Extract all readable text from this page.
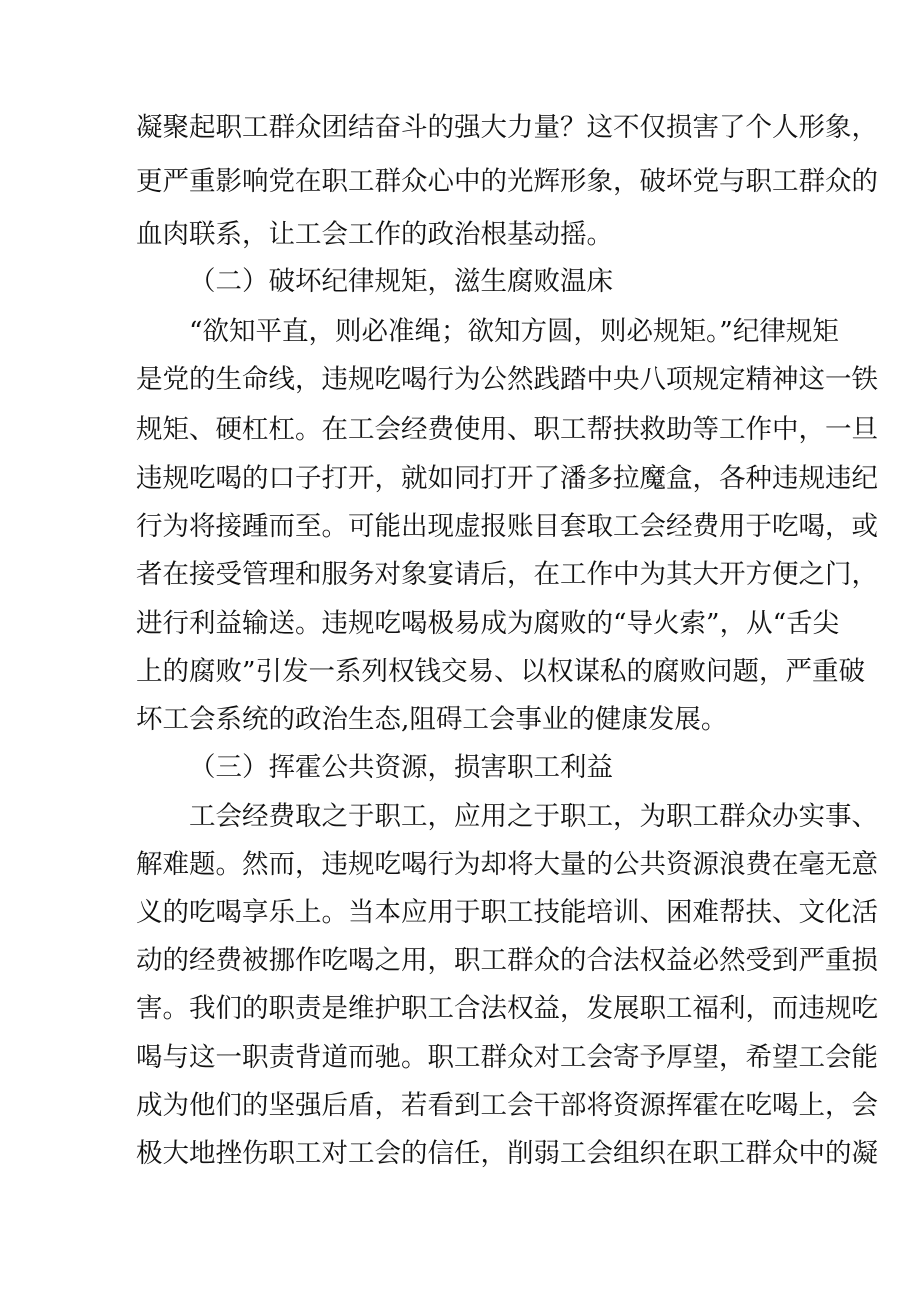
凝聚起职工群众团结奋斗的强大力量？这不仅损害了个人形象，
更严重影响党在职工群众心中的光辉形象，破坏党与职工群众的
血肉联系，让工会工作的政治根基动摇。
（二）破坏纪律规矩，滋生腐败温床
“欲知平直，则必准绳；欲知方圆，则必规矩。”纪律规矩
是党的生命线，违规吃喝行为公然践踏中央八项规定精神这一铁
规矩、硬杠杠。在工会经费使用、职工帮扶救助等工作中，一旦
违规吃喝的口子打开，就如同打开了潘多拉魔盒，各种违规违纪
行为将接踵而至。可能出现虚报账目套取工会经费用于吃喝，或
者在接受管理和服务对象宴请后，在工作中为其大开方便之门，
进行利益输送。违规吃喝极易成为腐败的“导火索”，从“舌尖
上的腐败”引发一系列权钱交易、以权谋私的腐败问题，严重破
坏工会系统的政治生态,阻碍工会事业的健康发展。
（三）挥霍公共资源，损害职工利益
工会经费取之于职工，应用之于职工，为职工群众办实事、
解难题。然而，违规吃喝行为却将大量的公共资源浪费在毫无意
义的吃喝享乐上。当本应用于职工技能培训、困难帮扶、文化活
动的经费被挪作吃喝之用，职工群众的合法权益必然受到严重损
害。我们的职责是维护职工合法权益，发展职工福利，而违规吃
喝与这一职责背道而驰。职工群众对工会寄予厚望，希望工会能
成为他们的坚强后盾，若看到工会干部将资源挥霍在吃喝上，会
极大地挫伤职工对工会的信任，削弱工会组织在职工群众中的凝
